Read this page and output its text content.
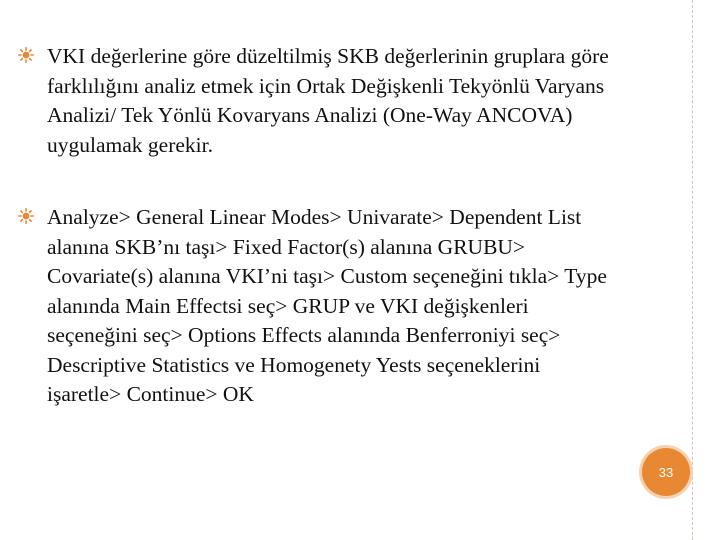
VKI değerlerine göre düzeltilmiş SKB değerlerinin gruplara göre
farklılığını analiz etmek için Ortak Değişkenli Tekyönlü Varyans
Analizi/ Tek Yönlü Kovaryans Analizi (One-Way ANCOVA)
uygulamak gerekir.
Analyze> General Linear Modes> Univarate> Dependent List
alanına SKB’nı taşı> Fixed Factor(s) alanına GRUBU>
Covariate(s) alanına VKI’ni taşı> Custom seçeneğini tıkla> Type
alanında Main Effectsi seç> GRUP ve VKI değişkenleri
seçeneğini seç> Options Effects alanında Benferroniyi seç>
Descriptive Statistics ve Homogenety Yests seçeneklerini
işaretle> Continue> OK
33
